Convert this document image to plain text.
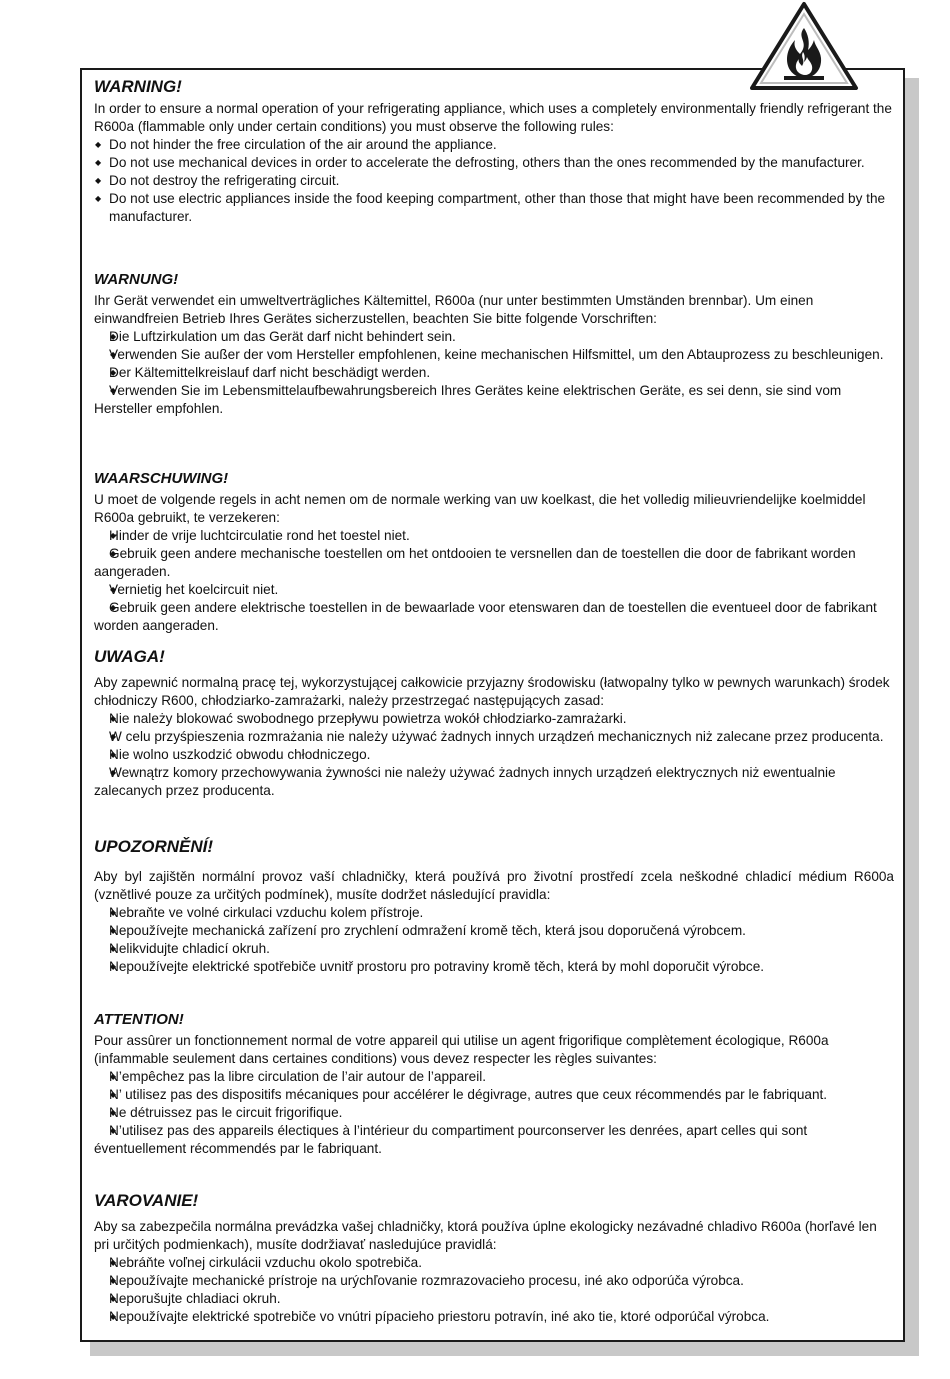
WARNING!

In order to ensure a normal operation of your refrigerating appliance, which uses a completely environmentally friendly refrigerant the R600a (flammable only under certain conditions) you must observe the following rules:

◆ Do not hinder the free circulation of the air around the appliance.
◆ Do not use mechanical devices in order to accelerate the defrosting, others than the ones recommended by the manufacturer.
◆ Do not destroy the refrigerating circuit.
◆ Do not use electric appliances inside the food keeping compartment, other than those that might have been recommended by the manufacturer.
WARNUNG!

Ihr Gerät verwendet ein umweltverträgliches Kältemittel, R600a (nur unter bestimmten Umständen brennbar). Um einen einwandfreien Betrieb Ihres Gerätes sicherzustellen, beachten Sie bitte folgende Vorschriften:

◆ Die Luftzirkulation um das Gerät darf nicht behindert sein.
◆ Verwenden Sie außer der vom Hersteller empfohlenen, keine mechanischen Hilfsmittel, um den Abtauprozess zu beschleunigen.
◆ Der Kältemittelkreislauf darf nicht beschädigt werden.
◆ Verwenden Sie im Lebensmittelaufbewahrungsbereich Ihres Gerätes keine elektrischen Geräte, es sei denn, sie sind vom Hersteller empfohlen.
WAARSCHUWING!

U moet de volgende regels in acht nemen om de normale werking van uw koelkast, die het volledig milieuvriendelijke koelmiddel R600a gebruikt, te verzekeren:

◆ Hinder de vrije luchtcirculatie rond het toestel niet.
◆ Gebruik geen andere mechanische toestellen om het ontdooien te versnellen dan de toestellen die door de fabrikant worden aangeraden.
◆ Vernietig het koelcircuit niet.
◆ Gebruik geen andere elektrische toestellen in de bewaarlade voor etenswaren dan de toestellen die eventueel door de fabrikant worden aangeraden.
UWAGA!

Aby zapewnić normalną pracę tej, wykorzystującej całkowicie przyjazny środowisku (łatwopalny tylko w pewnych warunkach) środek chłodniczy R600, chłodziarko-zamrażarki, należy przestrzegać następujących zasad:

◆ Nie należy blokować swobodnego przepływu powietrza wokół chłodziarko-zamrażarki.
◆ W celu przyśpieszenia rozmrażania nie należy używać żadnych innych urządzeń mechanicznych niż zalecane przez producenta.
◆ Nie wolno uszkodzić obwodu chłodniczego.
◆ Wewnątrz komory przechowywania żywności nie należy używać żadnych innych urządzeń elektrycznych niż ewentualnie zalecanych przez producenta.
UPOZORNĚNÍ!

Aby byl zajištěn normální provoz vaší chladničky, která používá pro životní prostředí zcela neškodné chladicí médium R600a (vznětlivé pouze za určitých podmínek), musíte dodržet následující pravidla:

◆ Nebraňte ve volné cirkulaci vzduchu kolem přístroje.
◆ Nepoužívejte mechanická zařízení pro zrychlení odmražení kromě těch, která jsou doporučená výrobcem.
◆ Nelikvidujte chladicí okruh.
◆ Nepoužívejte elektrické spotřebiče uvnitř prostoru pro potraviny kromě těch, která by mohl doporučit výrobce.
ATTENTION!

Pour assûrer un fonctionnement normal de votre appareil qui utilise un agent frigorifique complètement écologique, R600a (infammable seulement dans certaines conditions) vous devez respecter les règles suivantes:

◆ N’empêchez pas la libre circulation de l’air autour de l’appareil.
◆ N’ utilisez pas des dispositifs mécaniques pour accélérer le dégivrage, autres que ceux récommendés par le fabriquant.
◆ Ne détruissez pas le circuit frigorifique.
◆ N’utilisez pas des appareils électiques à l’intérieur du compartiment pourconserver les denrées, apart celles qui sont éventuellement récommendés par le fabriquant.
VAROVANIE!

Aby sa zabezpečila normálna prevádzka vašej chladničky, ktorá používa úplne ekologicky nezávadné chladivo R600a (horľavé len pri určitých podmienkach), musíte dodržiavať nasledujúce pravidlá:

◆ Nebráňte voľnej cirkulácii vzduchu okolo spotrebiča.
◆ Nepoužívajte mechanické prístroje na urýchľovanie rozmrazovacieho procesu, iné ako odporúča výrobca.
◆ Neporušujte chladiaci okruh.
◆ Nepoužívajte elektrické spotrebiče vo vnútri pípacieho priestoru potravín, iné ako tie, ktoré odporúčal výrobca.
